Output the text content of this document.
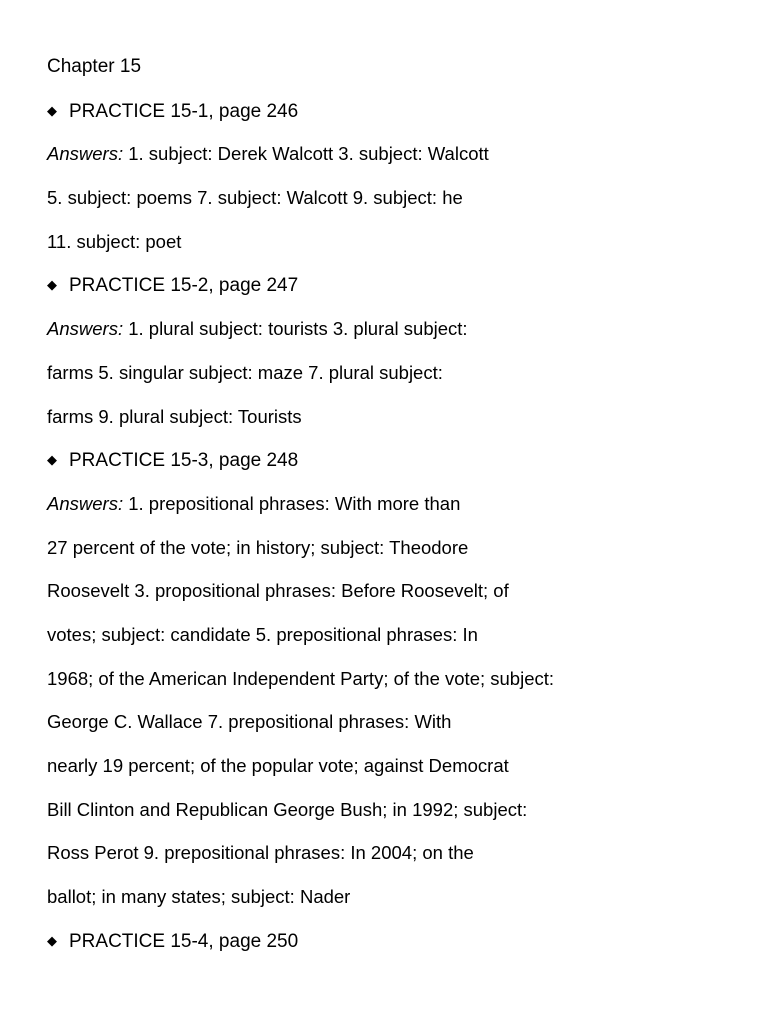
Chapter 15
◆ PRACTICE 15-1, page 246
Answers: 1. subject: Derek Walcott 3. subject: Walcott
5. subject: poems 7. subject: Walcott 9. subject: he
11. subject: poet
◆ PRACTICE 15-2, page 247
Answers: 1. plural subject: tourists 3. plural subject:
farms 5. singular subject: maze 7. plural subject:
farms 9. plural subject: Tourists
◆ PRACTICE 15-3, page 248
Answers: 1. prepositional phrases: With more than
27 percent of the vote; in history; subject: Theodore
Roosevelt 3. propositional phrases: Before Roosevelt; of
votes; subject: candidate 5. prepositional phrases: In
1968; of the American Independent Party; of the vote; subject:
George C. Wallace 7. prepositional phrases: With
nearly 19 percent; of the popular vote; against Democrat
Bill Clinton and Republican George Bush; in 1992; subject:
Ross Perot 9. prepositional phrases: In 2004; on the
ballot; in many states; subject: Nader
◆ PRACTICE 15-4, page 250
